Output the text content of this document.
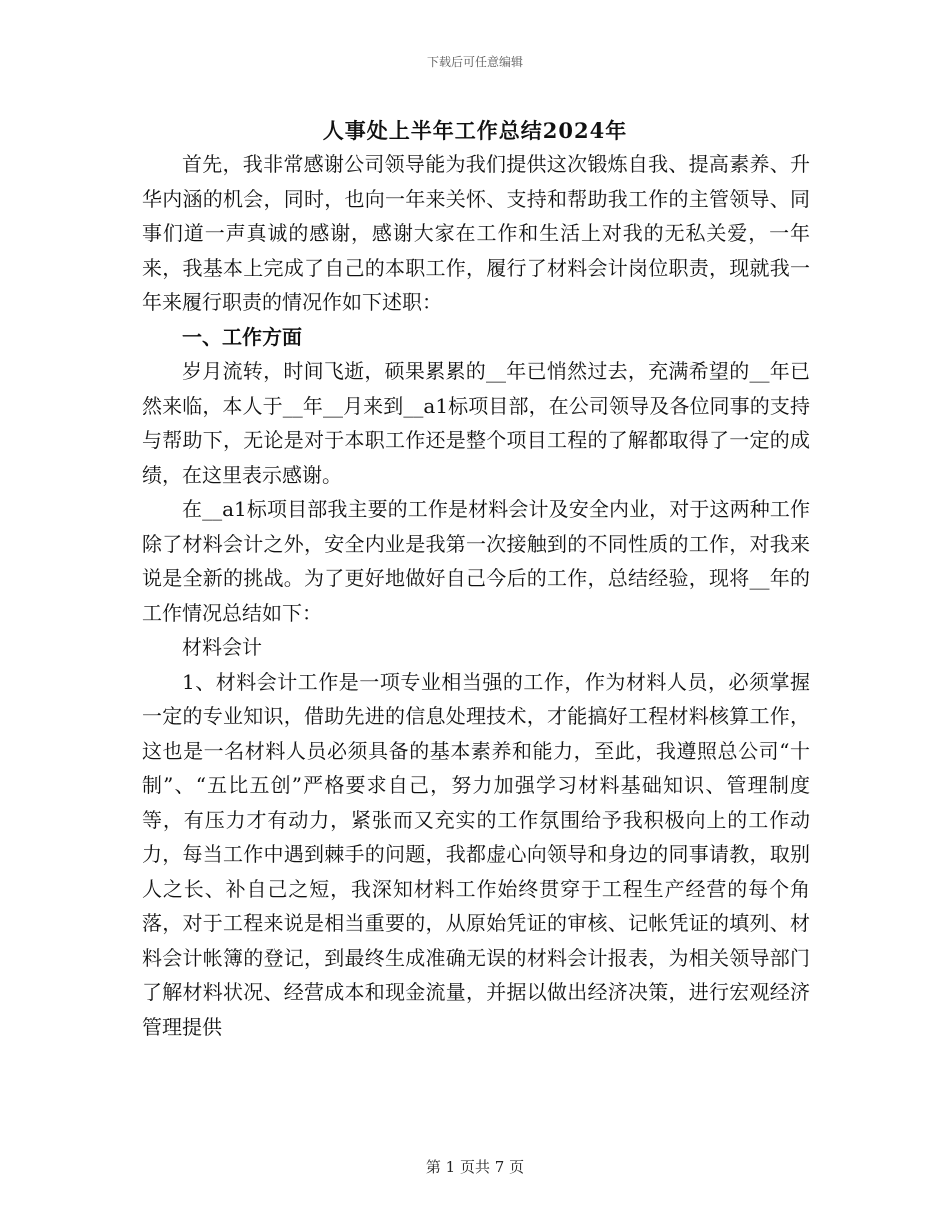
下载后可任意编辑
人事处上半年工作总结2024年

首先，我非常感谢公司领导能为我们提供这次锻炼自我、提高素养、升华内涵的机会，同时，也向一年来关怀、支持和帮助我工作的主管领导、同事们道一声真诚的感谢，感谢大家在工作和生活上对我的无私关爱，一年来，我基本上完成了自己的本职工作，履行了材料会计岗位职责，现就我一年来履行职责的情况作如下述职：

一、工作方面

岁月流转，时间飞逝，硕果累累的__年已悄然过去，充满希望的__年已然来临，本人于__年__月来到__a1标项目部，在公司领导及各位同事的支持与帮助下，无论是对于本职工作还是整个项目工程的了解都取得了一定的成绩，在这里表示感谢。

在__a1标项目部我主要的工作是材料会计及安全内业，对于这两种工作除了材料会计之外，安全内业是我第一次接触到的不同性质的工作，对我来说是全新的挑战。为了更好地做好自己今后的工作，总结经验，现将__年的工作情况总结如下：

材料会计

1、材料会计工作是一项专业相当强的工作，作为材料人员，必须掌握一定的专业知识，借助先进的信息处理技术，才能搞好工程材料核算工作，这也是一名材料人员必须具备的基本素养和能力，至此，我遵照总公司“十制”、“五比五创”严格要求自己，努力加强学习材料基础知识、管理制度等，有压力才有动力，紧张而又充实的工作氛围给予我积极向上的工作动力，每当工作中遇到棘手的问题，我都虚心向领导和身边的同事请教，取别人之长、补自己之短，我深知材料工作始终贯穿于工程生产经营的每个角落，对于工程来说是相当重要的，从原始凭证的审核、记帐凭证的填列、材料会计帐簿的登记，到最终生成准确无误的材料会计报表，为相关领导部门了解材料状况、经营成本和现金流量，并据以做出经济决策，进行宏观经济管理提供

第 1 页共 7 页
